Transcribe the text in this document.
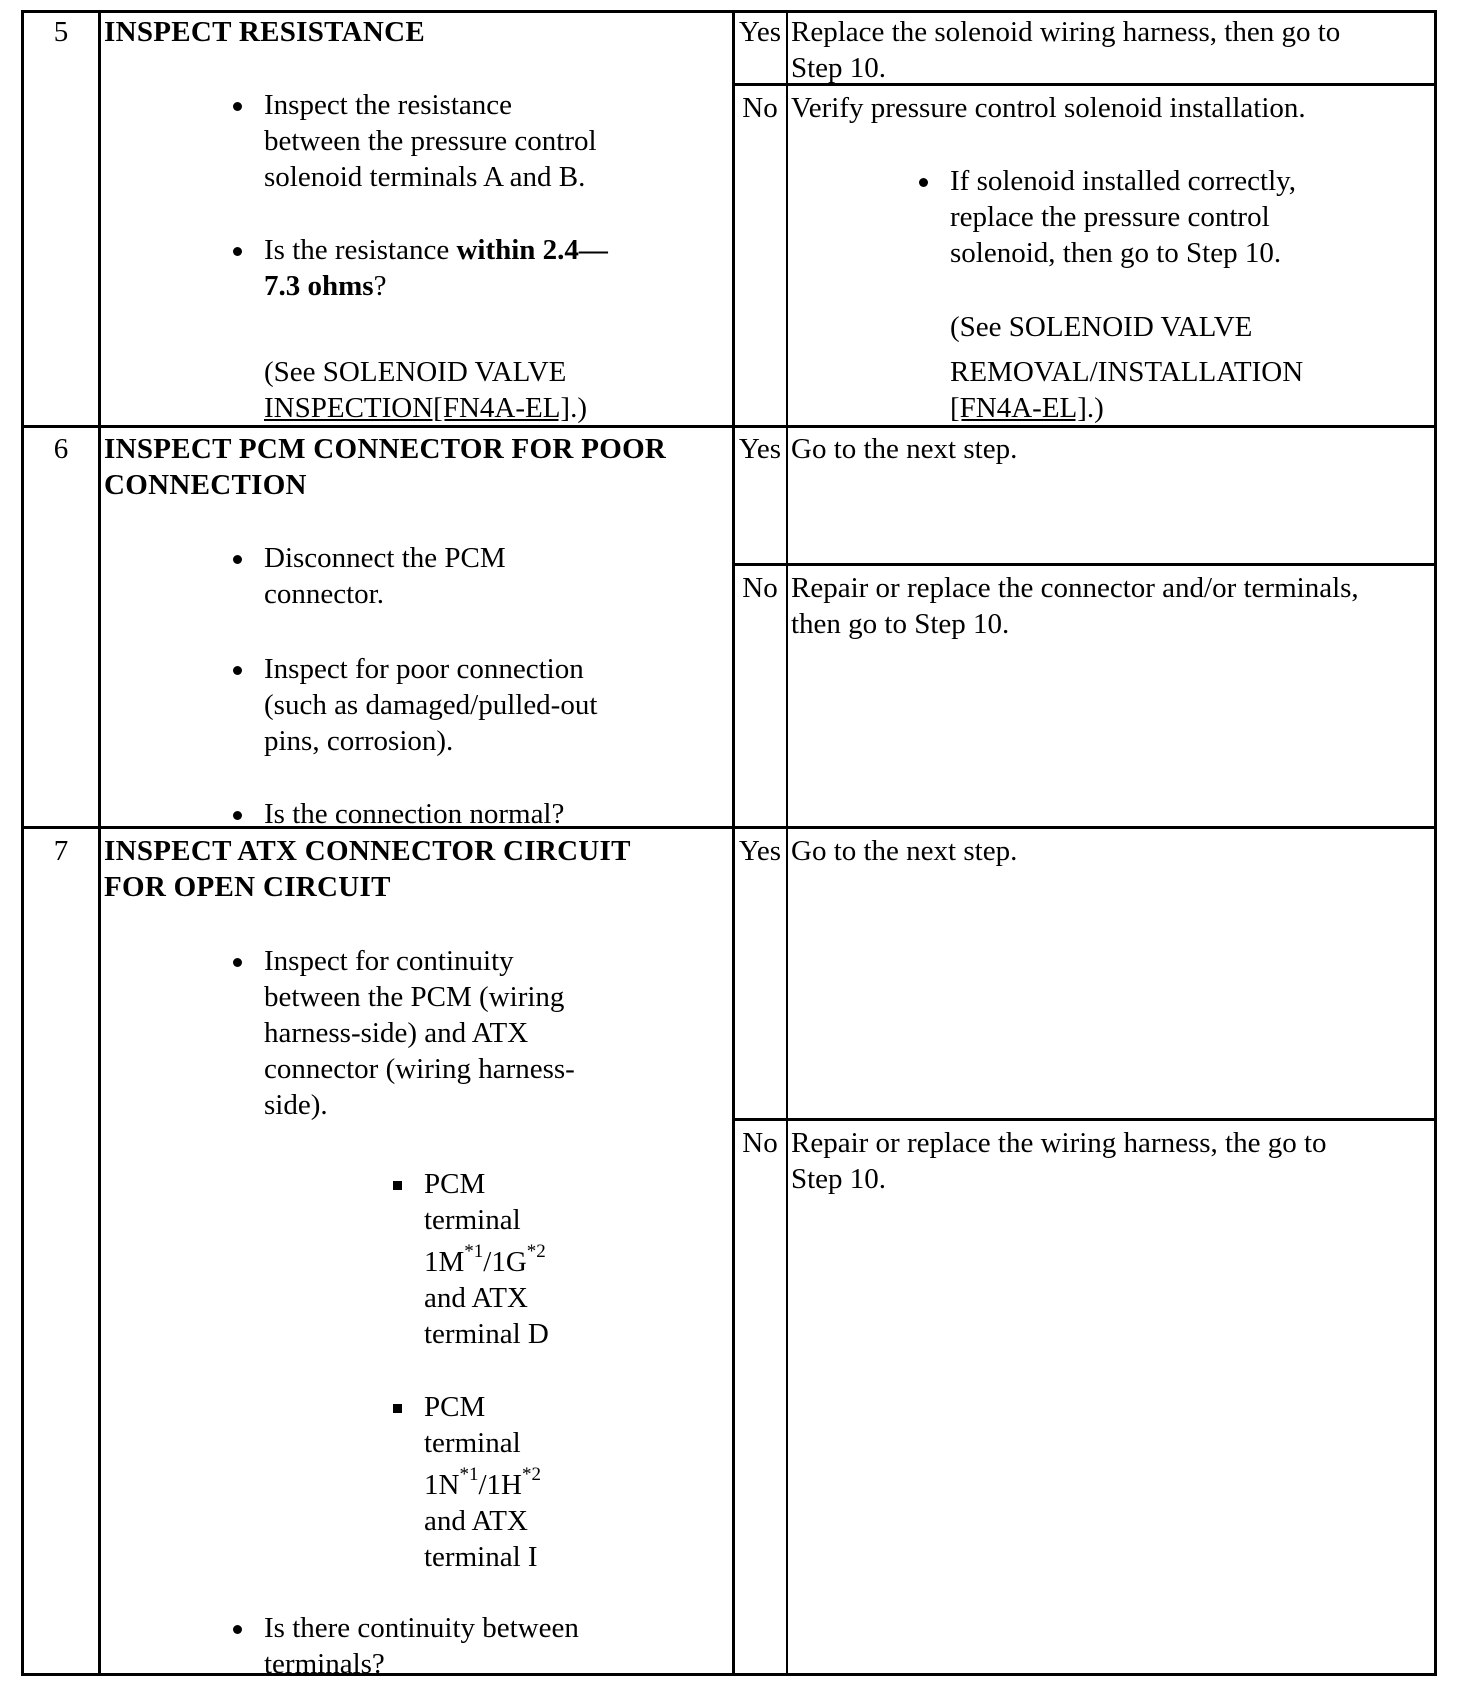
5	INSPECT RESISTANCE
Inspect the resistance
between the pressure control
solenoid terminals A and B.
Is the resistance within 2.4—
7.3 ohms?
(See SOLENOID VALVE
INSPECTION[FN4A-EL].)
Yes Replace the solenoid wiring harness, then go to
Step 10.
No Verify pressure control solenoid installation.
If solenoid installed correctly,
replace the pressure control
solenoid, then go to Step 10.
(See SOLENOID VALVE
REMOVAL/INSTALLATION
[FN4A-EL].)
6	INSPECT PCM CONNECTOR FOR POOR
CONNECTION
Disconnect the PCM
connector.
Inspect for poor connection
(such as damaged/pulled-out
pins, corrosion).
Is the connection normal?
Yes Go to the next step.
No Repair or replace the connector and/or terminals,
then go to Step 10.
7	INSPECT ATX CONNECTOR CIRCUIT
FOR OPEN CIRCUIT
Inspect for continuity
between the PCM (wiring
harness-side) and ATX
connector (wiring harness-
side).
PCM
terminal
$1M^{*1}/1G^{*2}$
and ATX
terminal D
PCM
terminal
$1N^{*1}/1H^{*2}$
and ATX
terminal I
Is there continuity between
terminals?
Yes Go to the next step.
No Repair or replace the wiring harness, the go to
Step 10.
